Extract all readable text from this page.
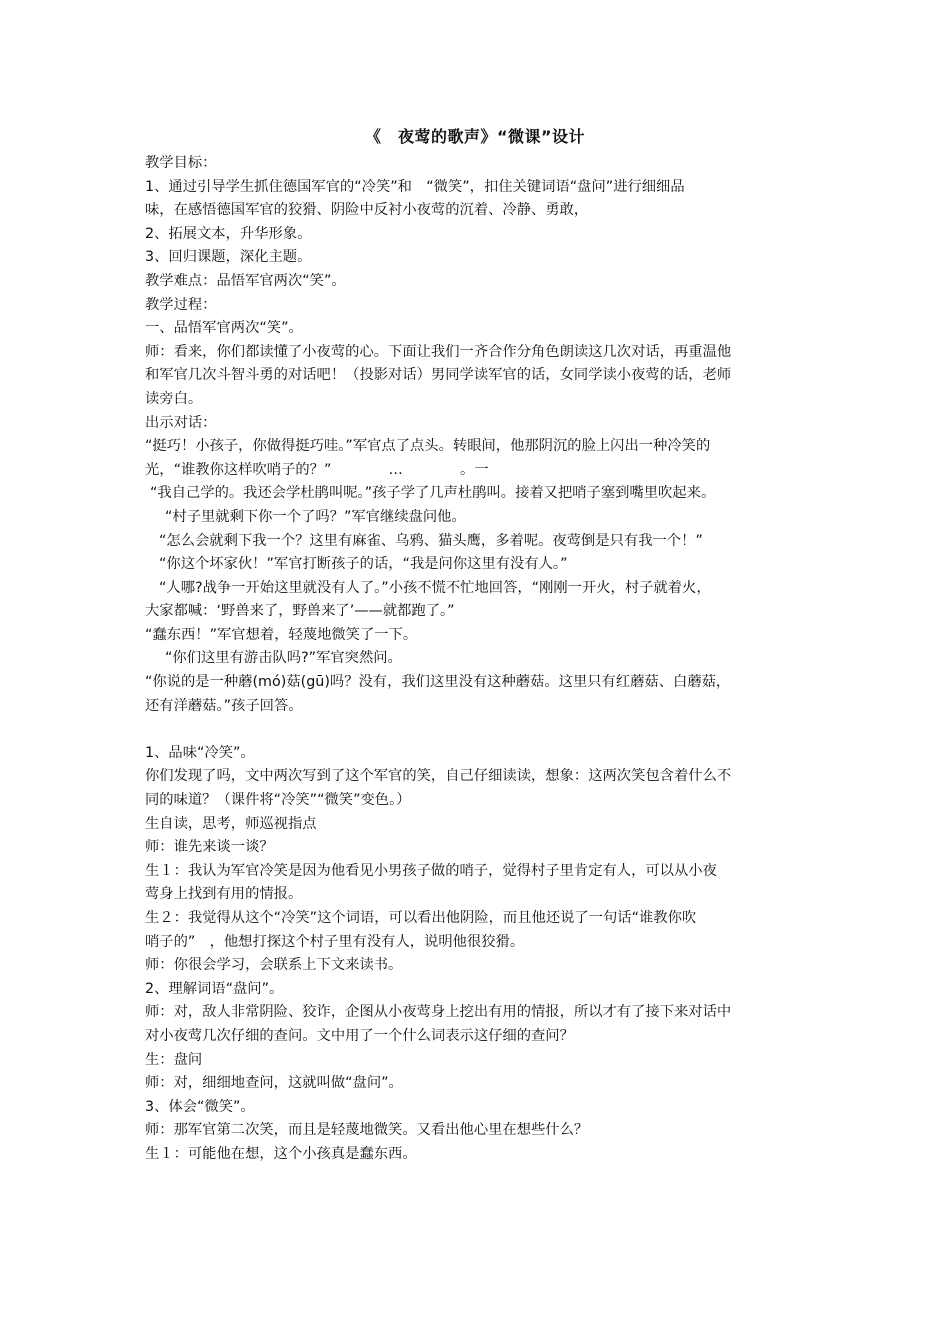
《　夜莺的歌声》“微课”设计
教学目标：
1、通过引导学生抓住德国军官的“冷笑”和　“微笑”，扣住关键词语“盘问”进行细细品
味，在感悟德国军官的狡猾、阴险中反衬小夜莺的沉着、冷静、勇敢，
2、拓展文本，升华形象。
3、回归课题，深化主题。
教学难点：品悟军官两次“笑”。
教学过程：
一、品悟军官两次“笑”。
师：看来，你们都读懂了小夜莺的心。下面让我们一齐合作分角色朗读这几次对话，再重温他
和军官几次斗智斗勇的对话吧！（投影对话）男同学读军官的话，女同学读小夜莺的话，老师
读旁白。
出示对话：
“挺巧！小孩子，你做得挺巧哇。”军官点了点头。转眼间，他那阴沉的脸上闪出一种冷笑的
光，“谁教你这样吹哨子的？”　　　　…　　　　。一
“我自己学的。我还会学杜鹃叫呢。”孩子学了几声杜鹃叫。接着又把哨子塞到嘴里吹起来。
“村子里就剩下你一个了吗？”军官继续盘问他。
“怎么会就剩下我一个？这里有麻雀、乌鸦、猫头鹰，多着呢。夜莺倒是只有我一个！”
“你这个坏家伙！”军官打断孩子的话，“我是问你这里有没有人。”
“人哪?战争一开始这里就没有人了。”小孩不慌不忙地回答，“刚刚一开火，村子就着火，
大家都喊：‘野兽来了，野兽来了’——就都跑了。”
“蠢东西！”军官想着，轻蔑地微笑了一下。
“你们这里有游击队吗?”军官突然问。
“你说的是一种蘑(mó)菇(gū)吗？没有，我们这里没有这种蘑菇。这里只有红蘑菇、白蘑菇，
还有洋蘑菇。”孩子回答。
1、品味“冷笑”。
你们发现了吗，文中两次写到了这个军官的笑，自己仔细读读，想象：这两次笑包含着什么不
同的味道？（课件将“冷笑”“微笑”变色。）
生自读，思考，师巡视指点
师：谁先来谈一谈？
生１：我认为军官冷笑是因为他看见小男孩子做的哨子，觉得村子里肯定有人，可以从小夜
莺身上找到有用的情报。
生２：我觉得从这个“冷笑”这个词语，可以看出他阴险，而且他还说了一句话“谁教你吹
哨子的”　，他想打探这个村子里有没有人，说明他很狡猾。
师：你很会学习，会联系上下文来读书。
2、理解词语“盘问”。
师：对，敌人非常阴险、狡诈，企图从小夜莺身上挖出有用的情报，所以才有了接下来对话中
对小夜莺几次仔细的查问。文中用了一个什么词表示这仔细的查问？
生：盘问
师：对，细细地查问，这就叫做“盘问”。
3、体会“微笑”。
师：那军官第二次笑，而且是轻蔑地微笑。又看出他心里在想些什么？
生１：可能他在想，这个小孩真是蠢东西。
